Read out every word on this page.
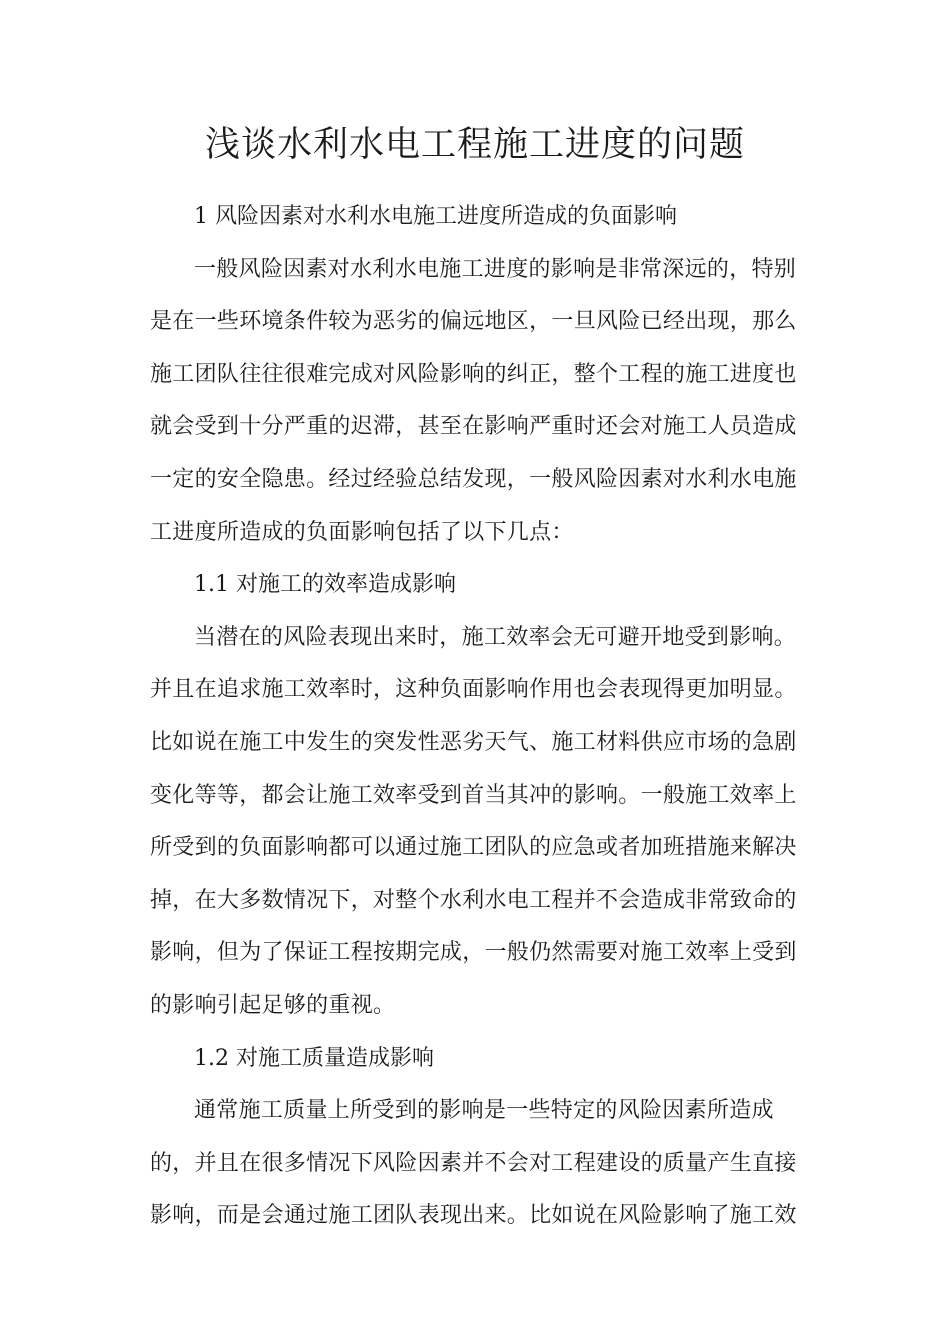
浅谈水利水电工程施工进度的问题
1 风险因素对水利水电施工进度所造成的负面影响
一般风险因素对水利水电施工进度的影响是非常深远的，特别
是在一些环境条件较为恶劣的偏远地区，一旦风险已经出现，那么
施工团队往往很难完成对风险影响的纠正，整个工程的施工进度也
就会受到十分严重的迟滞，甚至在影响严重时还会对施工人员造成
一定的安全隐患。经过经验总结发现，一般风险因素对水利水电施
工进度所造成的负面影响包括了以下几点：
1.1 对施工的效率造成影响
当潜在的风险表现出来时，施工效率会无可避开地受到影响。
并且在追求施工效率时，这种负面影响作用也会表现得更加明显。
比如说在施工中发生的突发性恶劣天气、施工材料供应市场的急剧
变化等等，都会让施工效率受到首当其冲的影响。一般施工效率上
所受到的负面影响都可以通过施工团队的应急或者加班措施来解决
掉，在大多数情况下，对整个水利水电工程并不会造成非常致命的
影响，但为了保证工程按期完成，一般仍然需要对施工效率上受到
的影响引起足够的重视。
1.2 对施工质量造成影响
通常施工质量上所受到的影响是一些特定的风险因素所造成
的，并且在很多情况下风险因素并不会对工程建设的质量产生直接
影响，而是会通过施工团队表现出来。比如说在风险影响了施工效
